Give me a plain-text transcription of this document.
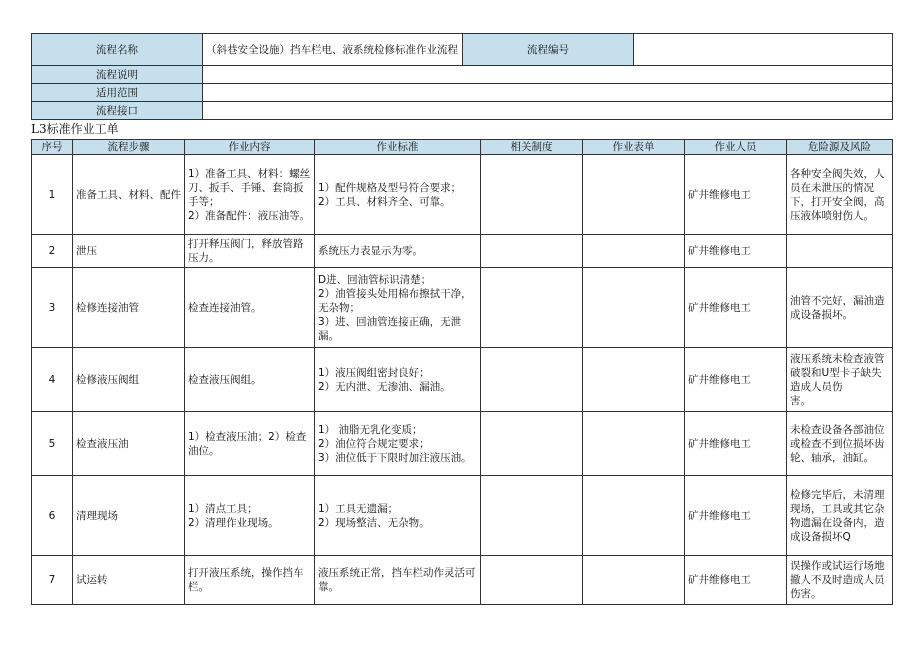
流程名称	（斜巷安全设施）挡车栏电、液系统检修标准作业流程	流程编号	
流程说明			
适用范围			
流程接口			
L3标准作业工单
序号	流程步骤	作业内容	作业标准	相关制度	作业表单	作业人员	危险源及风险
1	准备工具、材料、配件	1）准备工具、材料：螺丝刀、扳手、手锤、套筒扳手等；
2）准备配件：液压油等。	1）配件规格及型号符合要求；
2）工具、材料齐全、可靠。			矿井维修电工	各种安全阀失效，人员在未泄压的情况下，打开安全阀，高压液体喷射伤人。
2	泄压	打开释压阀门，释放管路压力。	系统压力表显示为零。			矿井维修电工	
3	检修连接油管	检查连接油管。	D进、回油管标识清楚；
2）油管接头处用棉布擦拭干净，无杂物；
3）进、回油管连接正确，无泄漏。			矿井维修电工	油管不完好，漏油造成设备损坏。
4	检修液压阀组	检查液压阀组。	1）液压阀组密封良好；
2）无内泄、无渗油、漏油。			矿井维修电工	液压系统未检查液管破裂和U型卡子缺失造成人员伤
害。
5	检查液压油	1）检查液压油；2）检查油位。	1） 油脂无乳化变质；
2）油位符合规定要求；
3）油位低于下限时加注液压油。			矿井维修电工	未检查设备各部油位或检查不到位损坏齿轮、轴承，油缸。
6	清理现场	1）清点工具；
2）清理作业现场。	1）工具无遗漏；
2）现场整洁、无杂物。			矿井维修电工	检修完毕后，未清理现场，工具或其它杂物遗漏在设备内，造成设备损坏Q
7	试运转	打开液压系统，操作挡车栏。	液压系统正常，挡车栏动作灵活可靠。			矿井维修电工	误操作或试运行场地撤人不及时造成人员伤害。
